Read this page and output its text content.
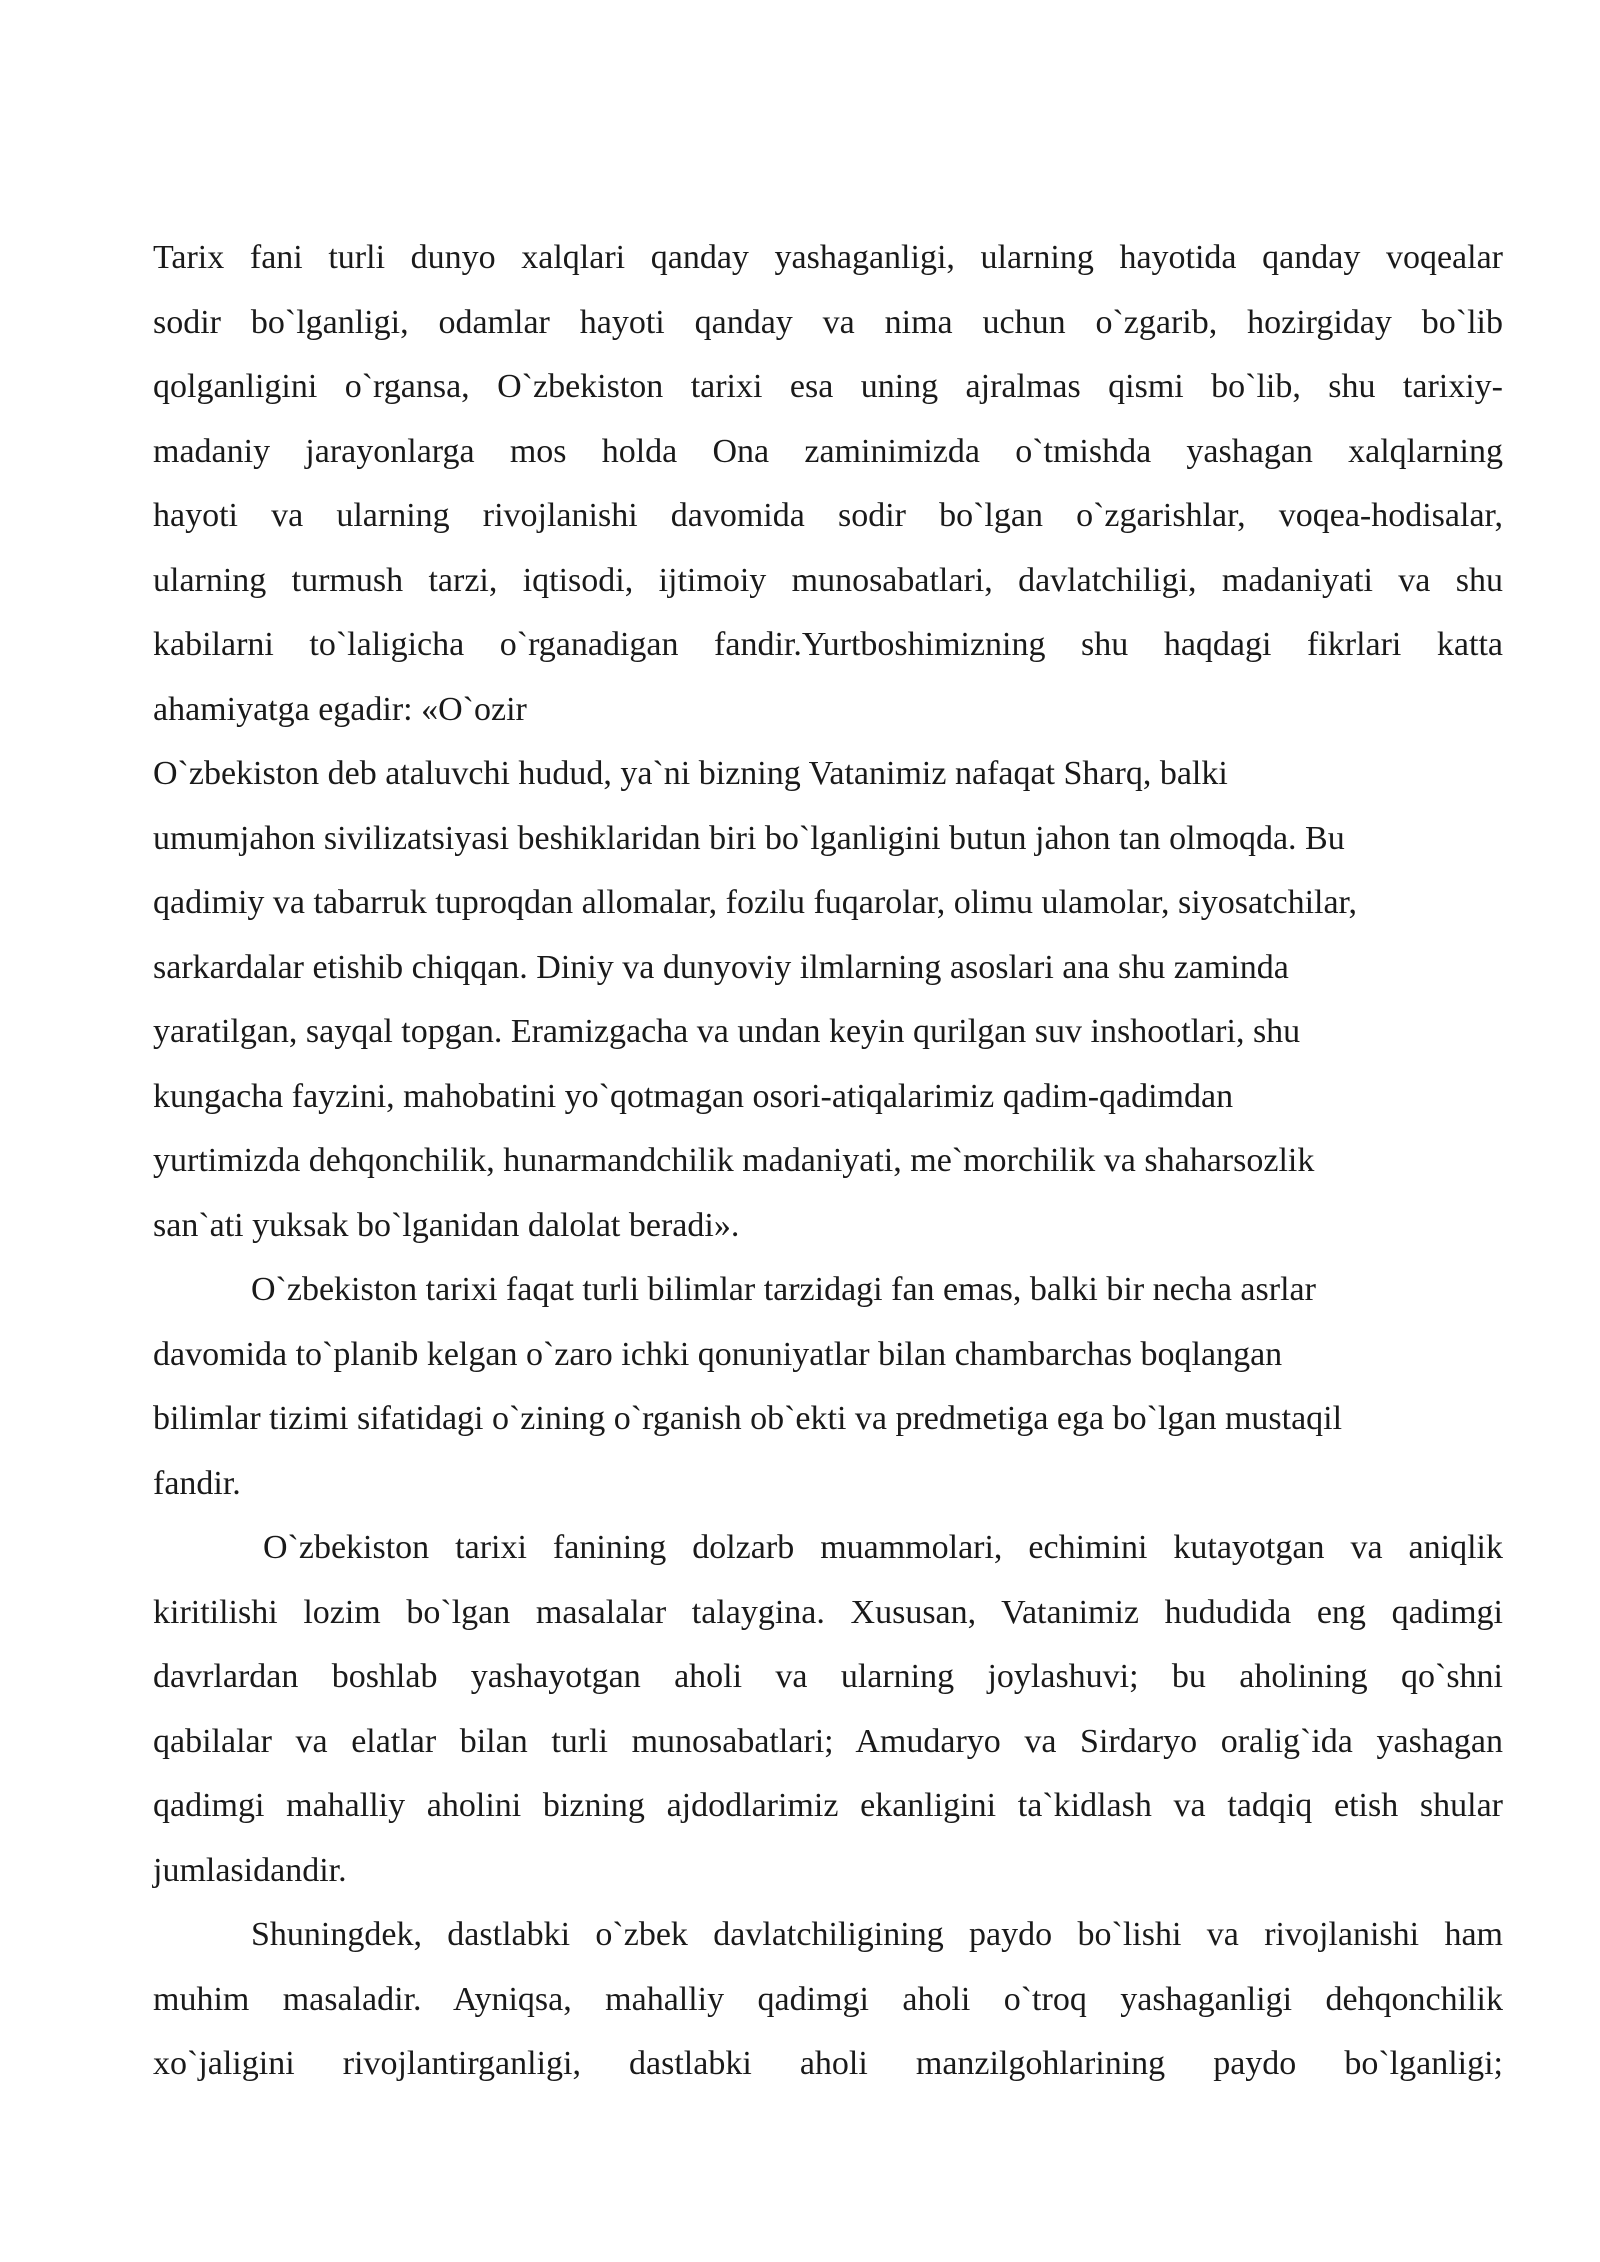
Tarix fani turli dunyo xalqlari qanday yashaganligi, ularning hayotida qanday voqealar
sodir bo`lganligi, odamlar hayoti qanday va nima uchun o`zgarib, hozirgiday bo`lib
qolganligini o`rgansa, O`zbekiston tarixi esa uning ajralmas qismi bo`lib, shu tarixiy-
madaniy jarayonlarga mos holda Ona zaminimizda o`tmishda yashagan xalqlarning
hayoti va ularning rivojlanishi davomida sodir bo`lgan o`zgarishlar, voqea-hodisalar,
ularning turmush tarzi, iqtisodi, ijtimoiy munosabatlari, davlatchiligi, madaniyati va shu
kabilarni to`laligicha o`rganadigan fandir.Yurtboshimizning shu haqdagi fikrlari katta
ahamiyatga egadir: «O`ozir
O`zbekiston deb ataluvchi hudud, ya`ni bizning Vatanimiz nafaqat Sharq, balki
umumjahon sivilizatsiyasi beshiklaridan biri bo`lganligini butun jahon tan olmoqda. Bu
qadimiy va tabarruk tuproqdan allomalar, fozilu fuqarolar, olimu ulamolar, siyosatchilar,
sarkardalar etishib chiqqan. Diniy va dunyoviy ilmlarning asoslari ana shu zaminda
yaratilgan, sayqal topgan. Eramizgacha va undan keyin qurilgan suv inshootlari, shu
kungacha fayzini, mahobatini yo`qotmagan osori-atiqalarimiz qadim-qadimdan
yurtimizda dehqonchilik, hunarmandchilik madaniyati, me`morchilik va shaharsozlik
san`ati yuksak bo`lganidan dalolat beradi».
O`zbekiston tarixi faqat turli bilimlar tarzidagi fan emas, balki bir necha asrlar
davomida to`planib kelgan o`zaro ichki qonuniyatlar bilan chambarchas boqlangan
bilimlar tizimi sifatidagi o`zining o`rganish ob`ekti va predmetiga ega bo`lgan mustaqil
fandir.
O`zbekiston tarixi fanining dolzarb muammolari, echimini kutayotgan va aniqlik
kiritilishi lozim bo`lgan masalalar talaygina. Xususan, Vatanimiz hududida eng qadimgi
davrlardan boshlab yashayotgan aholi va ularning joylashuvi; bu aholining qo`shni
qabilalar va elatlar bilan turli munosabatlari; Amudaryo va Sirdaryo oralig`ida yashagan
qadimgi mahalliy aholini bizning ajdodlarimiz ekanligini ta`kidlash va tadqiq etish shular
jumlasidandir.
Shuningdek, dastlabki o`zbek davlatchiligining paydo bo`lishi va rivojlanishi ham
muhim masaladir. Ayniqsa, mahalliy qadimgi aholi o`troq yashaganligi dehqonchilik
xo`jaligini rivojlantirganligi, dastlabki aholi manzilgohlarining paydo bo`lganligi;
